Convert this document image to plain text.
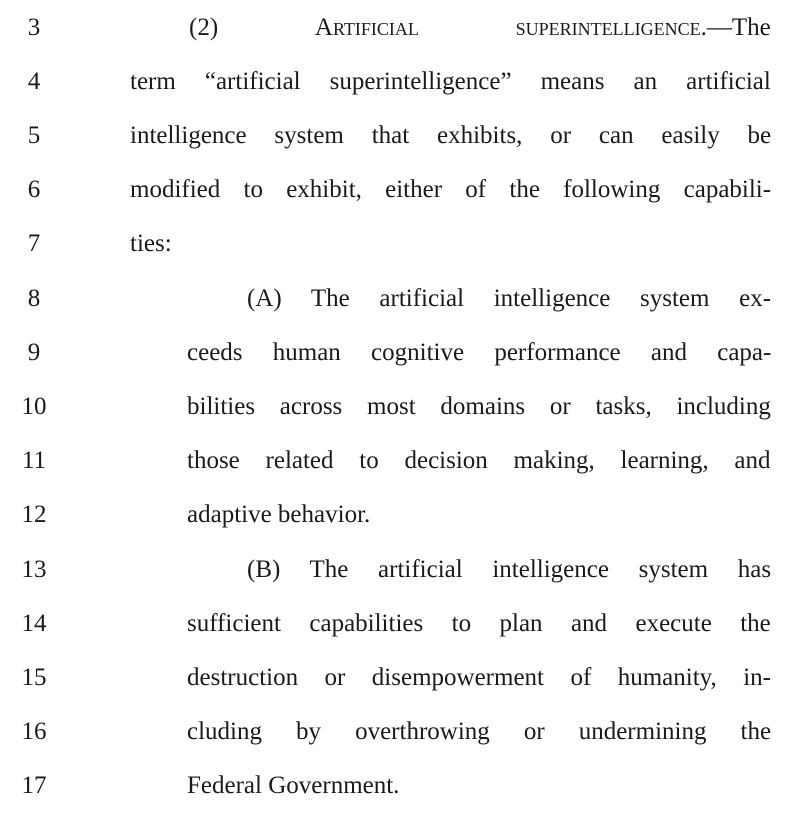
3	(2)	Artificial	superintelligence.—The
4	term “artificial superintelligence” means an artificial
5	intelligence system that exhibits, or can easily be
6	modified to exhibit, either of the following capabili-
7	ties:
8	(A) The artificial intelligence system ex-
9	ceeds human cognitive performance and capa-
10	bilities across most domains or tasks, including
11	those related to decision making, learning, and
12	adaptive behavior.
13	(B) The artificial intelligence system has
14	sufficient capabilities to plan and execute the
15	destruction or disempowerment of humanity, in-
16	cluding by overthrowing or undermining the
17	Federal Government.
